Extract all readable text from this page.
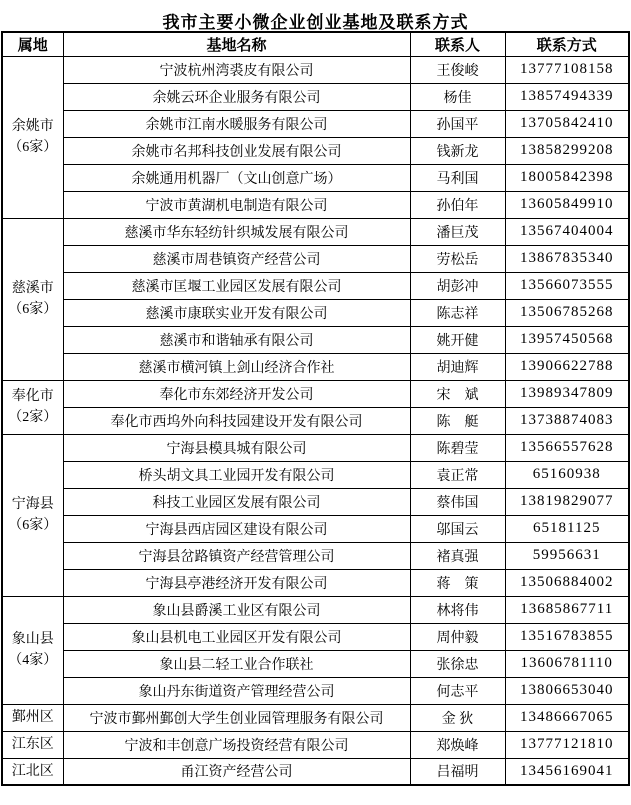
我市主要小微企业创业基地及联系方式
属地	基地名称	联系人	联系方式

余姚市
（6家）	宁波杭州湾裘皮有限公司	王俊峻	13777108158
	余姚云环企业服务有限公司	杨佳	13857494339
	余姚市江南水暖服务有限公司	孙国平	13705842410
	余姚市名邦科技创业发展有限公司	钱新龙	13858299208
	余姚通用机器厂（文山创意广场）	马利国	18005842398
	宁波市黄湖机电制造有限公司	孙伯年	13605849910

慈溪市
（6家）	慈溪市华东轻纺针织城发展有限公司	潘巨茂	13567404004
	慈溪市周巷镇资产经营公司	劳松岳	13867835340
	慈溪市匡堰工业园区发展有限公司	胡彭冲	13566073555
	慈溪市康联实业开发有限公司	陈志祥	13506785268
	慈溪市和谐轴承有限公司	姚开健	13957450568
	慈溪市横河镇上剑山经济合作社	胡迪辉	13906622788

奉化市
（2家）	奉化市东郊经济开发公司	宋　斌	13989347809
	奉化市西坞外向科技园建设开发有限公司	陈　艇	13738874083

宁海县
（6家）	宁海县模具城有限公司	陈碧莹	13566557628
	桥头胡文具工业园开发有限公司	袁正常	65160938
	科技工业园区发展有限公司	蔡伟国	13819829077
	宁海县西店园区建设有限公司	邬国云	65181125
	宁海县岔路镇资产经营管理公司	褚真强	59956631
	宁海县亭港经济开发有限公司	蒋　策	13506884002

象山县
（4家）	象山县爵溪工业区有限公司	林将伟	13685867711
	象山县机电工业园区开发有限公司	周仲毅	13516783855
	象山县二轻工业合作联社	张徐忠	13606781110
	象山丹东街道资产管理经营公司	何志平	13806653040

鄞州区	宁波市鄞州鄞创大学生创业园管理服务有限公司	金 狄	13486667065

江东区	宁波和丰创意广场投资经营有限公司	郑焕峰	13777121810

江北区	甬江资产经营公司	吕福明	13456169041
